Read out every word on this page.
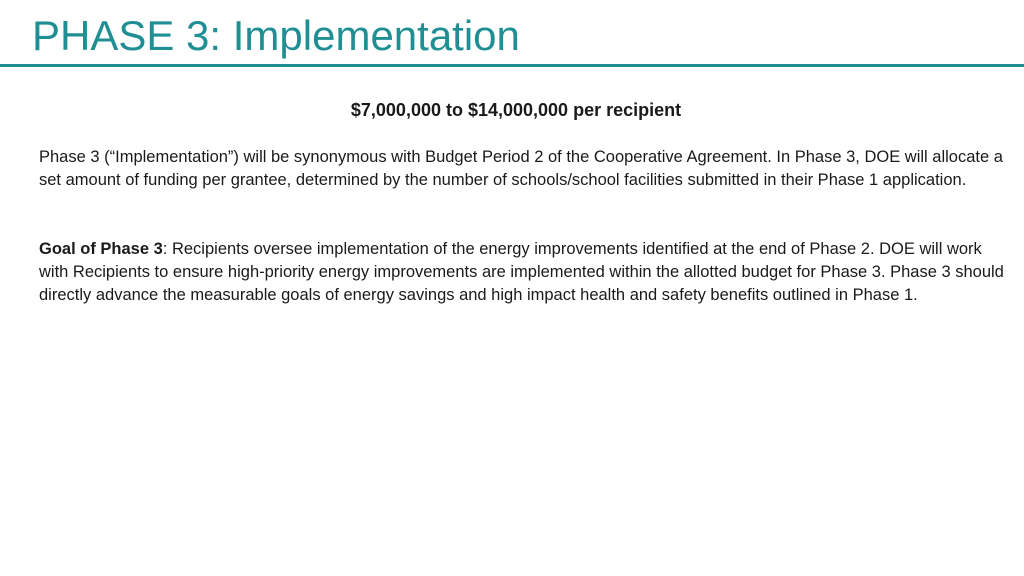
PHASE 3: Implementation
$7,000,000 to $14,000,000 per recipient

Phase 3 (“Implementation”) will be synonymous with Budget Period 2 of the Cooperative Agreement. In Phase 3, DOE will allocate a set amount of funding per grantee, determined by the number of schools/school facilities submitted in their Phase 1 application.

Goal of Phase 3: Recipients oversee implementation of the energy improvements identified at the end of Phase 2. DOE will work with Recipients to ensure high-priority energy improvements are implemented within the allotted budget for Phase 3. Phase 3 should directly advance the measurable goals of energy savings and high impact health and safety benefits outlined in Phase 1.
